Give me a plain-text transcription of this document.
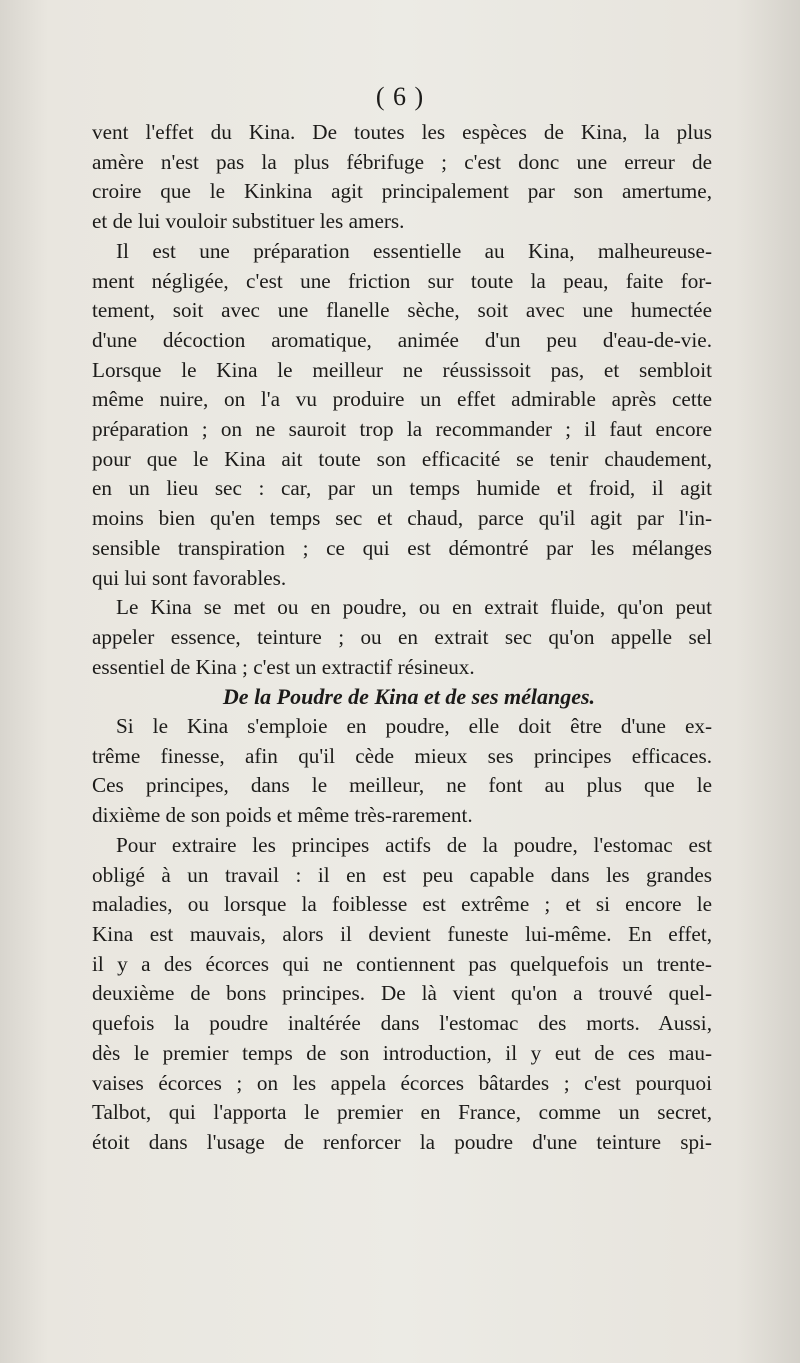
( 6 )
vent l'effet du Kina. De toutes les espèces de Kina, la plus
amère n'est pas la plus fébrifuge ; c'est donc une erreur de
croire que le Kinkina agit principalement par son amertume,
et de lui vouloir substituer les amers.
Il est une préparation essentielle au Kina, malheureuse-
ment négligée, c'est une friction sur toute la peau, faite for-
tement, soit avec une flanelle sèche, soit avec une humectée
d'une décoction aromatique, animée d'un peu d'eau-de-vie.
Lorsque le Kina le meilleur ne réussissoit pas, et sembloit
même nuire, on l'a vu produire un effet admirable après cette
préparation ; on ne sauroit trop la recommander ; il faut encore
pour que le Kina ait toute son efficacité se tenir chaudement,
en un lieu sec : car, par un temps humide et froid, il agit
moins bien qu'en temps sec et chaud, parce qu'il agit par l'in-
sensible transpiration ; ce qui est démontré par les mélanges
qui lui sont favorables.
Le Kina se met ou en poudre, ou en extrait fluide, qu'on peut
appeler essence, teinture ; ou en extrait sec qu'on appelle sel
essentiel de Kina ; c'est un extractif résineux.
De la Poudre de Kina et de ses mélanges.
Si le Kina s'emploie en poudre, elle doit être d'une ex-
trême finesse, afin qu'il cède mieux ses principes efficaces.
Ces principes, dans le meilleur, ne font au plus que le
dixième de son poids et même très-rarement.
Pour extraire les principes actifs de la poudre, l'estomac est
obligé à un travail : il en est peu capable dans les grandes
maladies, ou lorsque la foiblesse est extrême ; et si encore le
Kina est mauvais, alors il devient funeste lui-même. En effet,
il y a des écorces qui ne contiennent pas quelquefois un trente-
deuxième de bons principes. De là vient qu'on a trouvé quel-
quefois la poudre inaltérée dans l'estomac des morts. Aussi,
dès le premier temps de son introduction, il y eut de ces mau-
vaises écorces ; on les appela écorces bâtardes ; c'est pourquoi
Talbot, qui l'apporta le premier en France, comme un secret,
étoit dans l'usage de renforcer la poudre d'une teinture spi-
